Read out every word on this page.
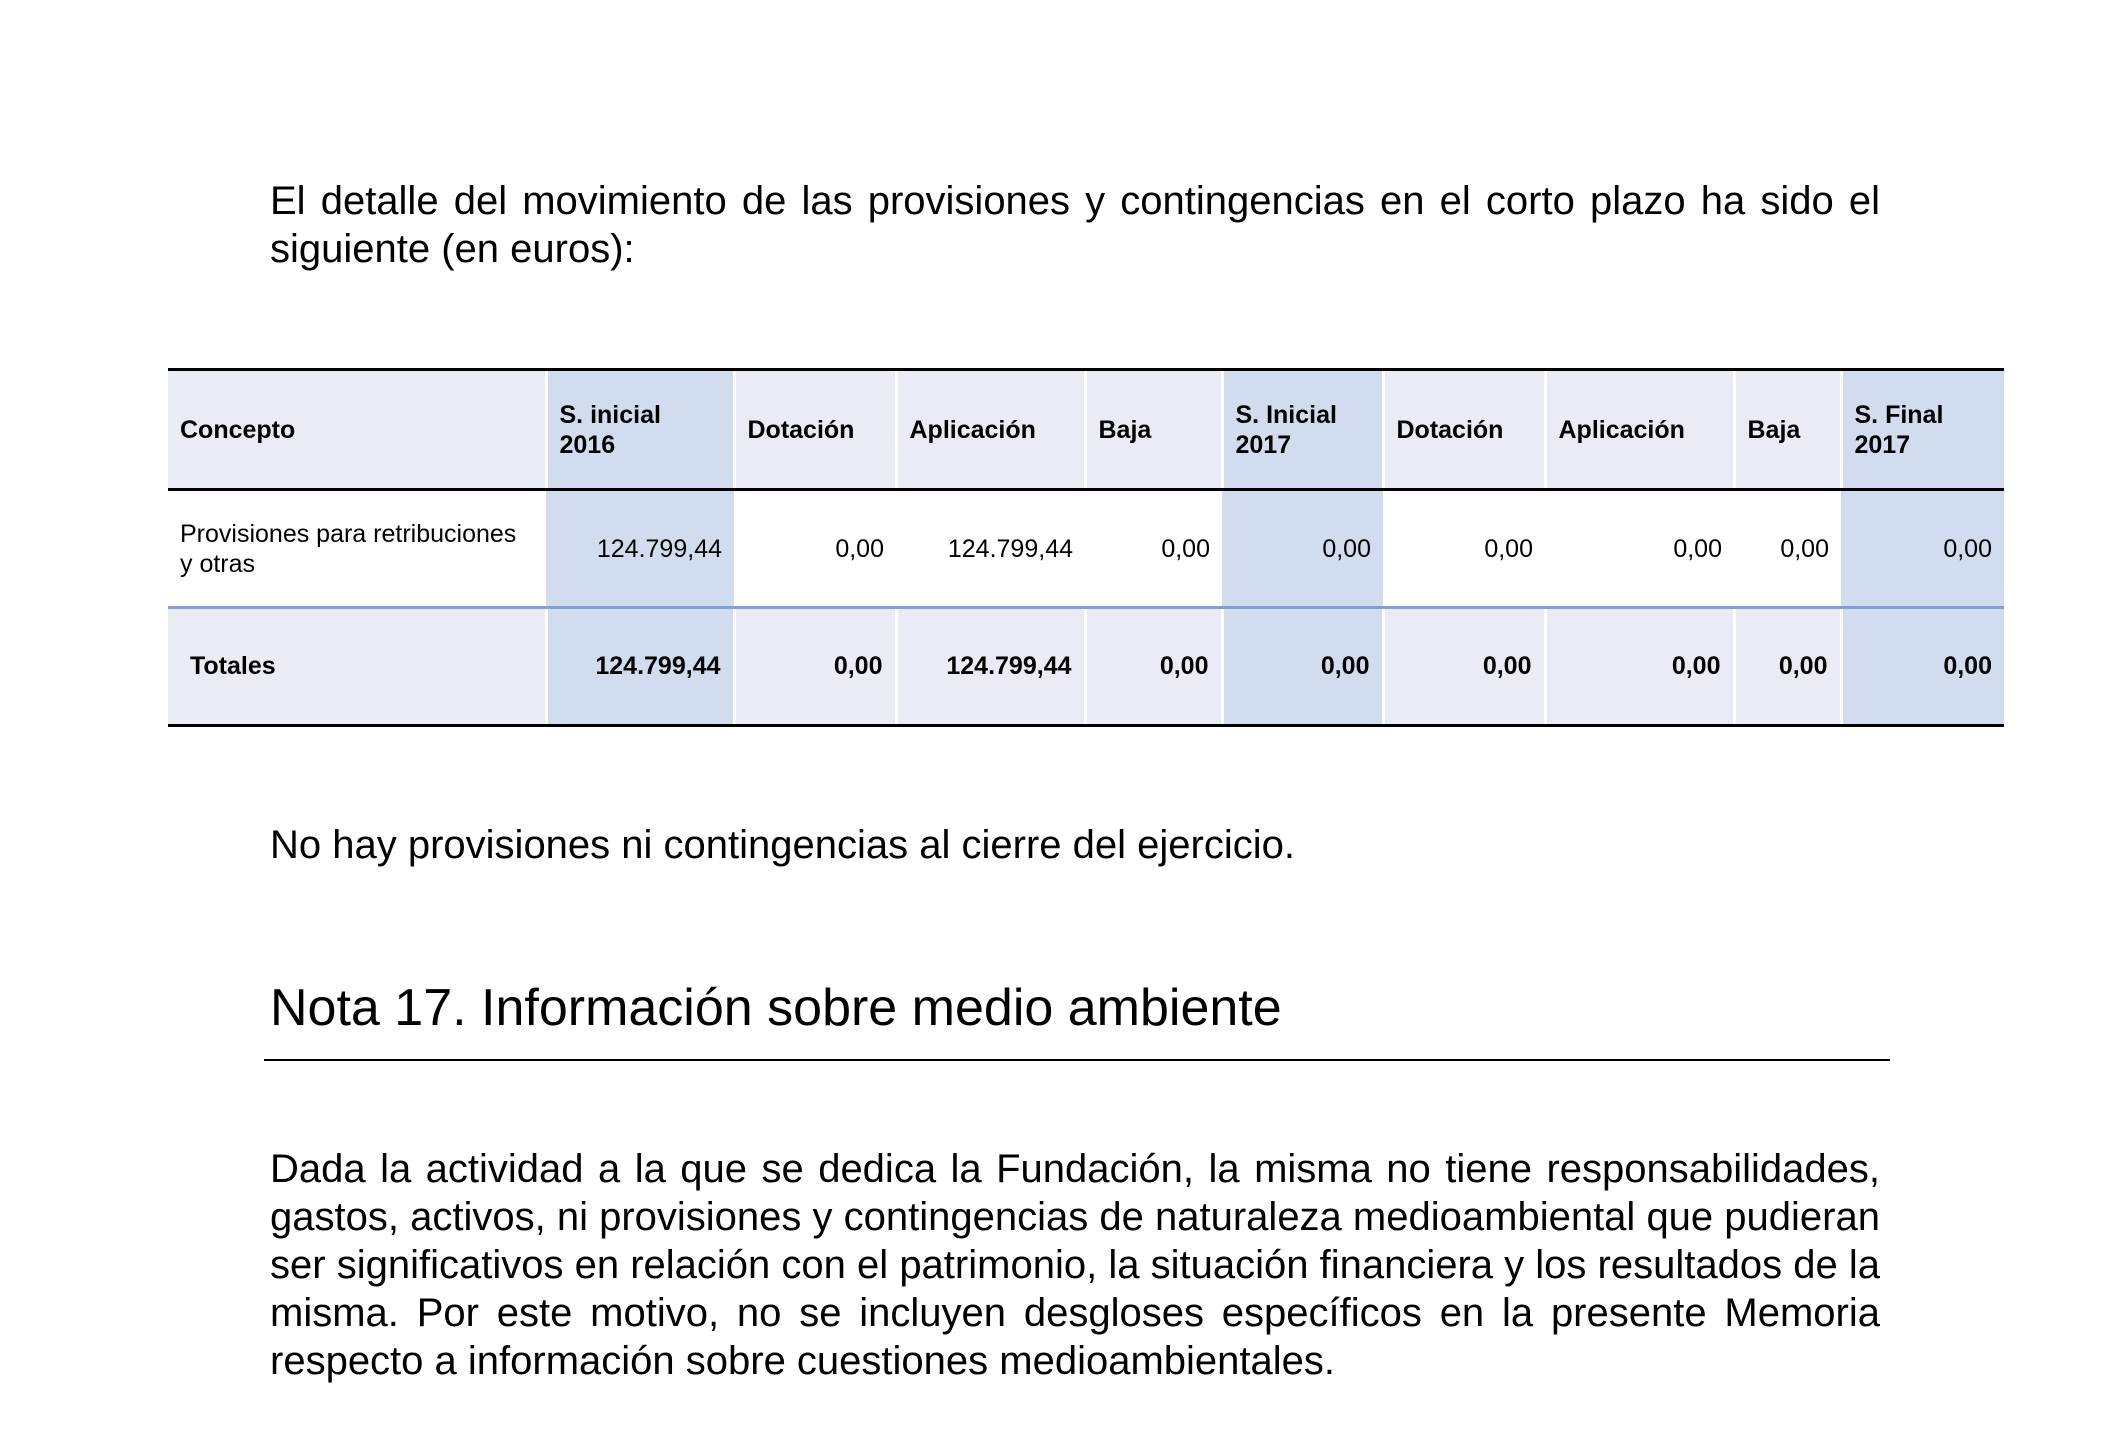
El detalle del movimiento de las provisiones y contingencias en el corto plazo ha sido el siguiente (en euros):

Concepto	S. inicial 2016	Dotación	Aplicación	Baja	S. Inicial 2017	Dotación	Aplicación	Baja	S. Final 2017
Provisiones para retribuciones y otras	124.799,44	0,00	124.799,44	0,00	0,00	0,00	0,00	0,00	0,00
Totales	124.799,44	0,00	124.799,44	0,00	0,00	0,00	0,00	0,00	0,00

No hay provisiones ni contingencias al cierre del ejercicio.

Nota 17. Información sobre medio ambiente

Dada la actividad a la que se dedica la Fundación, la misma no tiene responsabilidades, gastos, activos, ni provisiones y contingencias de naturaleza medioambiental que pudieran ser significativos en relación con el patrimonio, la situación financiera y los resultados de la misma. Por este motivo, no se incluyen desgloses específicos en la presente Memoria respecto a información sobre cuestiones medioambientales.
